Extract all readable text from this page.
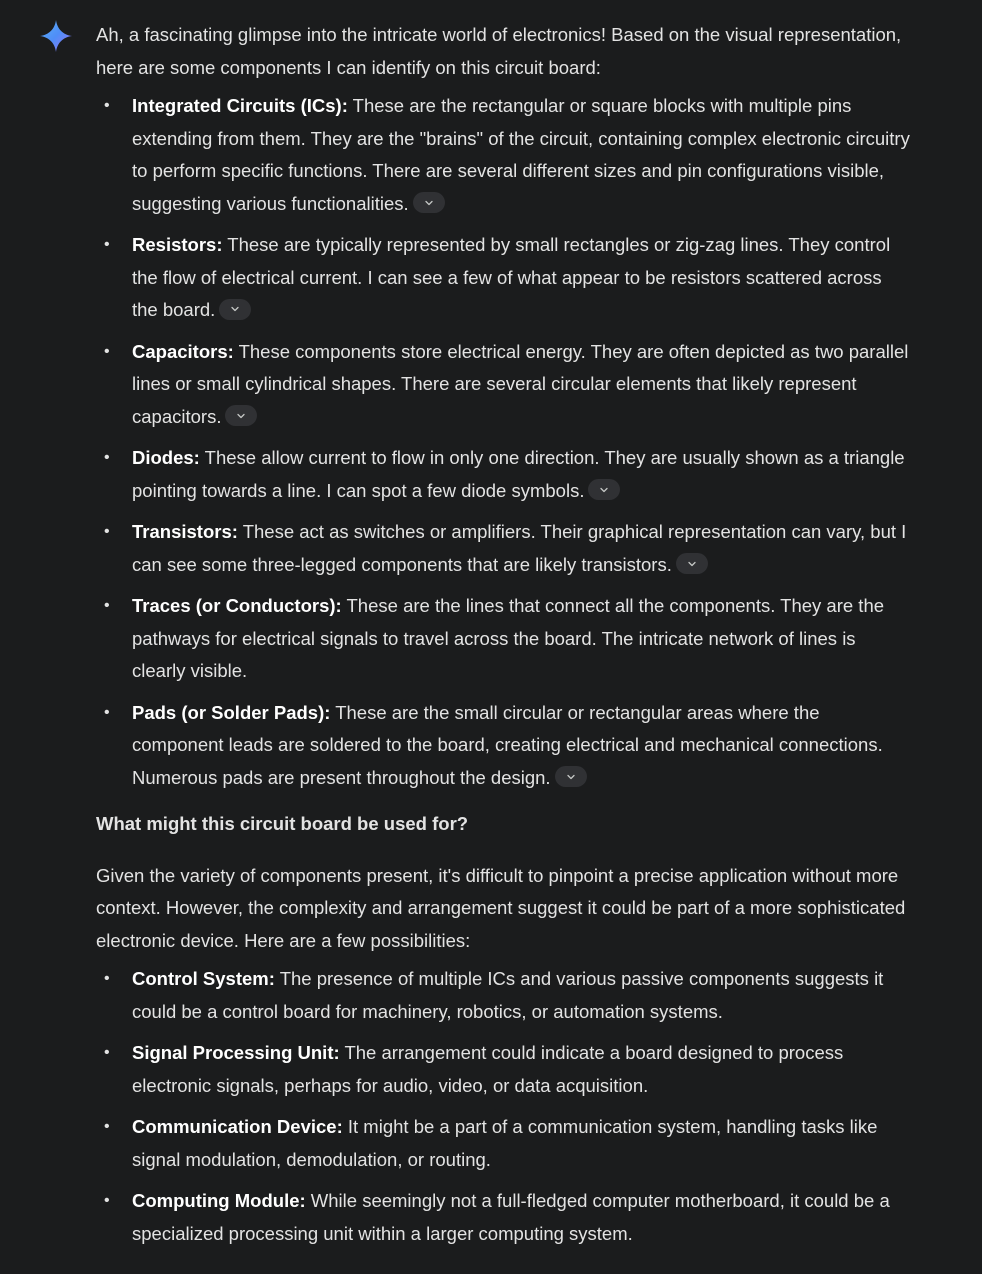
Ah, a fascinating glimpse into the intricate world of electronics! Based on the visual representation, here are some components I can identify on this circuit board:

• Integrated Circuits (ICs): These are the rectangular or square blocks with multiple pins extending from them. They are the "brains" of the circuit, containing complex electronic circuitry to perform specific functions. There are several different sizes and pin configurations visible, suggesting various functionalities.
• Resistors: These are typically represented by small rectangles or zig-zag lines. They control the flow of electrical current. I can see a few of what appear to be resistors scattered across the board.
• Capacitors: These components store electrical energy. They are often depicted as two parallel lines or small cylindrical shapes. There are several circular elements that likely represent capacitors.
• Diodes: These allow current to flow in only one direction. They are usually shown as a triangle pointing towards a line. I can spot a few diode symbols.
• Transistors: These act as switches or amplifiers. Their graphical representation can vary, but I can see some three-legged components that are likely transistors.
• Traces (or Conductors): These are the lines that connect all the components. They are the pathways for electrical signals to travel across the board. The intricate network of lines is clearly visible.
• Pads (or Solder Pads): These are the small circular or rectangular areas where the component leads are soldered to the board, creating electrical and mechanical connections. Numerous pads are present throughout the design.

What might this circuit board be used for?

Given the variety of components present, it's difficult to pinpoint a precise application without more context. However, the complexity and arrangement suggest it could be part of a more sophisticated electronic device. Here are a few possibilities:

• Control System: The presence of multiple ICs and various passive components suggests it could be a control board for machinery, robotics, or automation systems.
• Signal Processing Unit: The arrangement could indicate a board designed to process electronic signals, perhaps for audio, video, or data acquisition.
• Communication Device: It might be a part of a communication system, handling tasks like signal modulation, demodulation, or routing.
• Computing Module: While seemingly not a full-fledged computer motherboard, it could be a specialized processing unit within a larger computing system.
